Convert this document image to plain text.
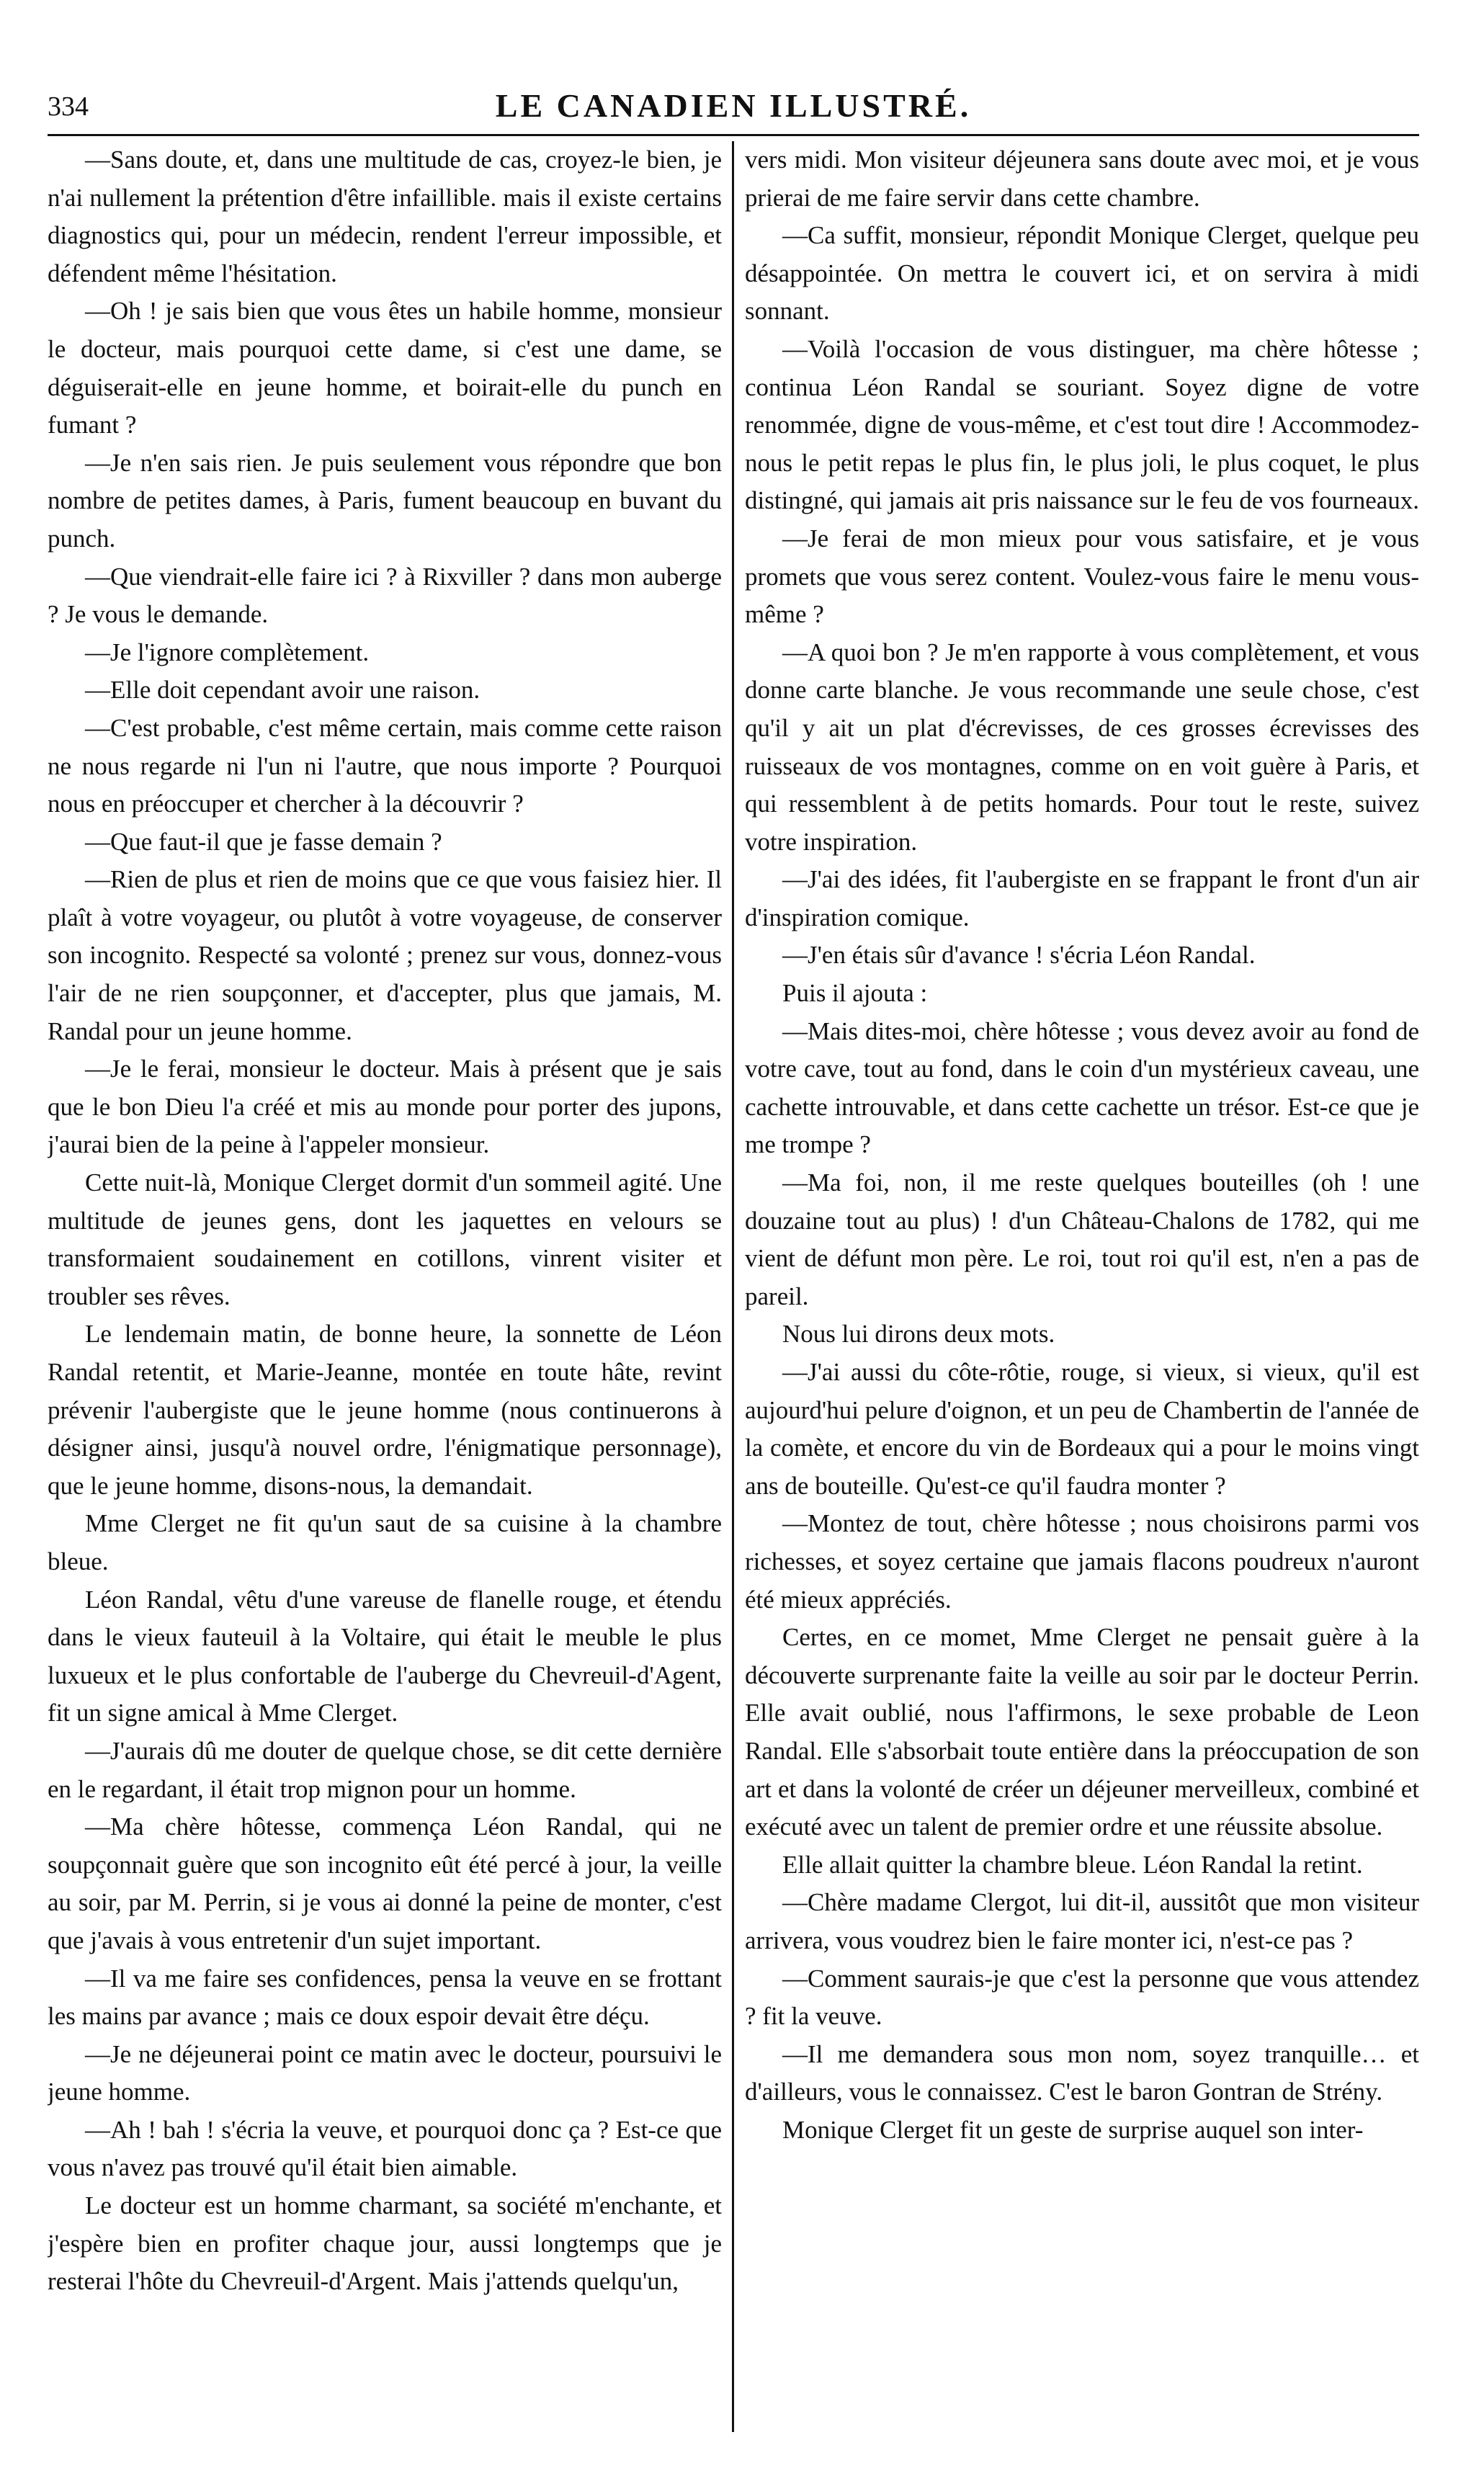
334	LE CANADIEN ILLUSTRÉ.

—Sans doute, et, dans une multitude de cas, croyez-le bien, je n'ai nullement la prétention d'être infaillible. mais il existe certains diagnostics qui, pour un médecin, rendent l'erreur impossible, et défendent même l'hésitation.

—Oh ! je sais bien que vous êtes un habile homme, monsieur le docteur, mais pourquoi cette dame, si c'est une dame, se déguiserait-elle en jeune homme, et boirait-elle du punch en fumant ?

—Je n'en sais rien. Je puis seulement vous répondre que bon nombre de petites dames, à Paris, fument beaucoup en buvant du punch.

—Que viendrait-elle faire ici ? à Rixviller ? dans mon auberge ? Je vous le demande.

—Je l'ignore complètement.

—Elle doit cependant avoir une raison.

—C'est probable, c'est même certain, mais comme cette raison ne nous regarde ni l'un ni l'autre, que nous importe ? Pourquoi nous en préoccuper et chercher à la découvrir ?

—Que faut-il que je fasse demain ?

—Rien de plus et rien de moins que ce que vous faisiez hier. Il plaît à votre voyageur, ou plutôt à votre voyageuse, de conserver son incognito. Respecté sa volonté ; prenez sur vous, donnez-vous l'air de ne rien soupçonner, et d'accepter, plus que jamais, M. Randal pour un jeune homme.

—Je le ferai, monsieur le docteur. Mais à présent que je sais que le bon Dieu l'a créé et mis au monde pour porter des jupons, j'aurai bien de la peine à l'appeler monsieur.

Cette nuit-là, Monique Clerget dormit d'un sommeil agité. Une multitude de jeunes gens, dont les jaquettes en velours se transformaient soudainement en cotillons, vinrent visiter et troubler ses rêves.

Le lendemain matin, de bonne heure, la sonnette de Léon Randal retentit, et Marie-Jeanne, montée en toute hâte, revint prévenir l'aubergiste que le jeune homme (nous continuerons à désigner ainsi, jusqu'à nouvel ordre, l'énigmatique personnage), que le jeune homme, disons-nous, la demandait.

Mme Clerget ne fit qu'un saut de sa cuisine à la chambre bleue.

Léon Randal, vêtu d'une vareuse de flanelle rouge, et étendu dans le vieux fauteuil à la Voltaire, qui était le meuble le plus luxueux et le plus confortable de l'auberge du Chevreuil-d'Agent, fit un signe amical à Mme Clerget.

—J'aurais dû me douter de quelque chose, se dit cette dernière en le regardant, il était trop mignon pour un homme.

—Ma chère hôtesse, commença Léon Randal, qui ne soupçonnait guère que son incognito eût été percé à jour, la veille au soir, par M. Perrin, si je vous ai donné la peine de monter, c'est que j'avais à vous entretenir d'un sujet important.

—Il va me faire ses confidences, pensa la veuve en se frottant les mains par avance ; mais ce doux espoir devait être déçu.

—Je ne déjeunerai point ce matin avec le docteur, poursuivi le jeune homme.

—Ah ! bah ! s'écria la veuve, et pourquoi donc ça ? Est-ce que vous n'avez pas trouvé qu'il était bien aimable.

Le docteur est un homme charmant, sa société m'enchante, et j'espère bien en profiter chaque jour, aussi longtemps que je resterai l'hôte du Chevreuil-d'Argent. Mais j'attends quelqu'un,

vers midi. Mon visiteur déjeunera sans doute avec moi, et je vous prierai de me faire servir dans cette chambre.

—Ca suffit, monsieur, répondit Monique Clerget, quelque peu désappointée. On mettra le couvert ici, et on servira à midi sonnant.

—Voilà l'occasion de vous distinguer, ma chère hôtesse ; continua Léon Randal se souriant. Soyez digne de votre renommée, digne de vous-même, et c'est tout dire ! Accommodez-nous le petit repas le plus fin, le plus joli, le plus coquet, le plus distingné, qui jamais ait pris naissance sur le feu de vos fourneaux.

—Je ferai de mon mieux pour vous satisfaire, et je vous promets que vous serez content. Voulez-vous faire le menu vous-même ?

—A quoi bon ? Je m'en rapporte à vous complètement, et vous donne carte blanche. Je vous recommande une seule chose, c'est qu'il y ait un plat d'écrevisses, de ces grosses écrevisses des ruisseaux de vos montagnes, comme on en voit guère à Paris, et qui ressemblent à de petits homards. Pour tout le reste, suivez votre inspiration.

—J'ai des idées, fit l'aubergiste en se frappant le front d'un air d'inspiration comique.

—J'en étais sûr d'avance ! s'écria Léon Randal.

Puis il ajouta :

—Mais dites-moi, chère hôtesse ; vous devez avoir au fond de votre cave, tout au fond, dans le coin d'un mystérieux caveau, une cachette introuvable, et dans cette cachette un trésor. Est-ce que je me trompe ?

—Ma foi, non, il me reste quelques bouteilles (oh ! une douzaine tout au plus) ! d'un Château-Chalons de 1782, qui me vient de défunt mon père. Le roi, tout roi qu'il est, n'en a pas de pareil.

Nous lui dirons deux mots.

—J'ai aussi du côte-rôtie, rouge, si vieux, si vieux, qu'il est aujourd'hui pelure d'oignon, et un peu de Chambertin de l'année de la comète, et encore du vin de Bordeaux qui a pour le moins vingt ans de bouteille. Qu'est-ce qu'il faudra monter ?

—Montez de tout, chère hôtesse ; nous choisirons parmi vos richesses, et soyez certaine que jamais flacons poudreux n'auront été mieux appréciés.

Certes, en ce momet, Mme Clerget ne pensait guère à la découverte surprenante faite la veille au soir par le docteur Perrin. Elle avait oublié, nous l'affirmons, le sexe probable de Leon Randal. Elle s'absorbait toute entière dans la préoccupation de son art et dans la volonté de créer un déjeuner merveilleux, combiné et exécuté avec un talent de premier ordre et une réussite absolue.

Elle allait quitter la chambre bleue. Léon Randal la retint.

—Chère madame Clergot, lui dit-il, aussitôt que mon visiteur arrivera, vous voudrez bien le faire monter ici, n'est-ce pas ?

—Comment saurais-je que c'est la personne que vous attendez ? fit la veuve.

—Il me demandera sous mon nom, soyez tranquille… et d'ailleurs, vous le connaissez. C'est le baron Gontran de Strény.

Monique Clerget fit un geste de surprise auquel son inter-
